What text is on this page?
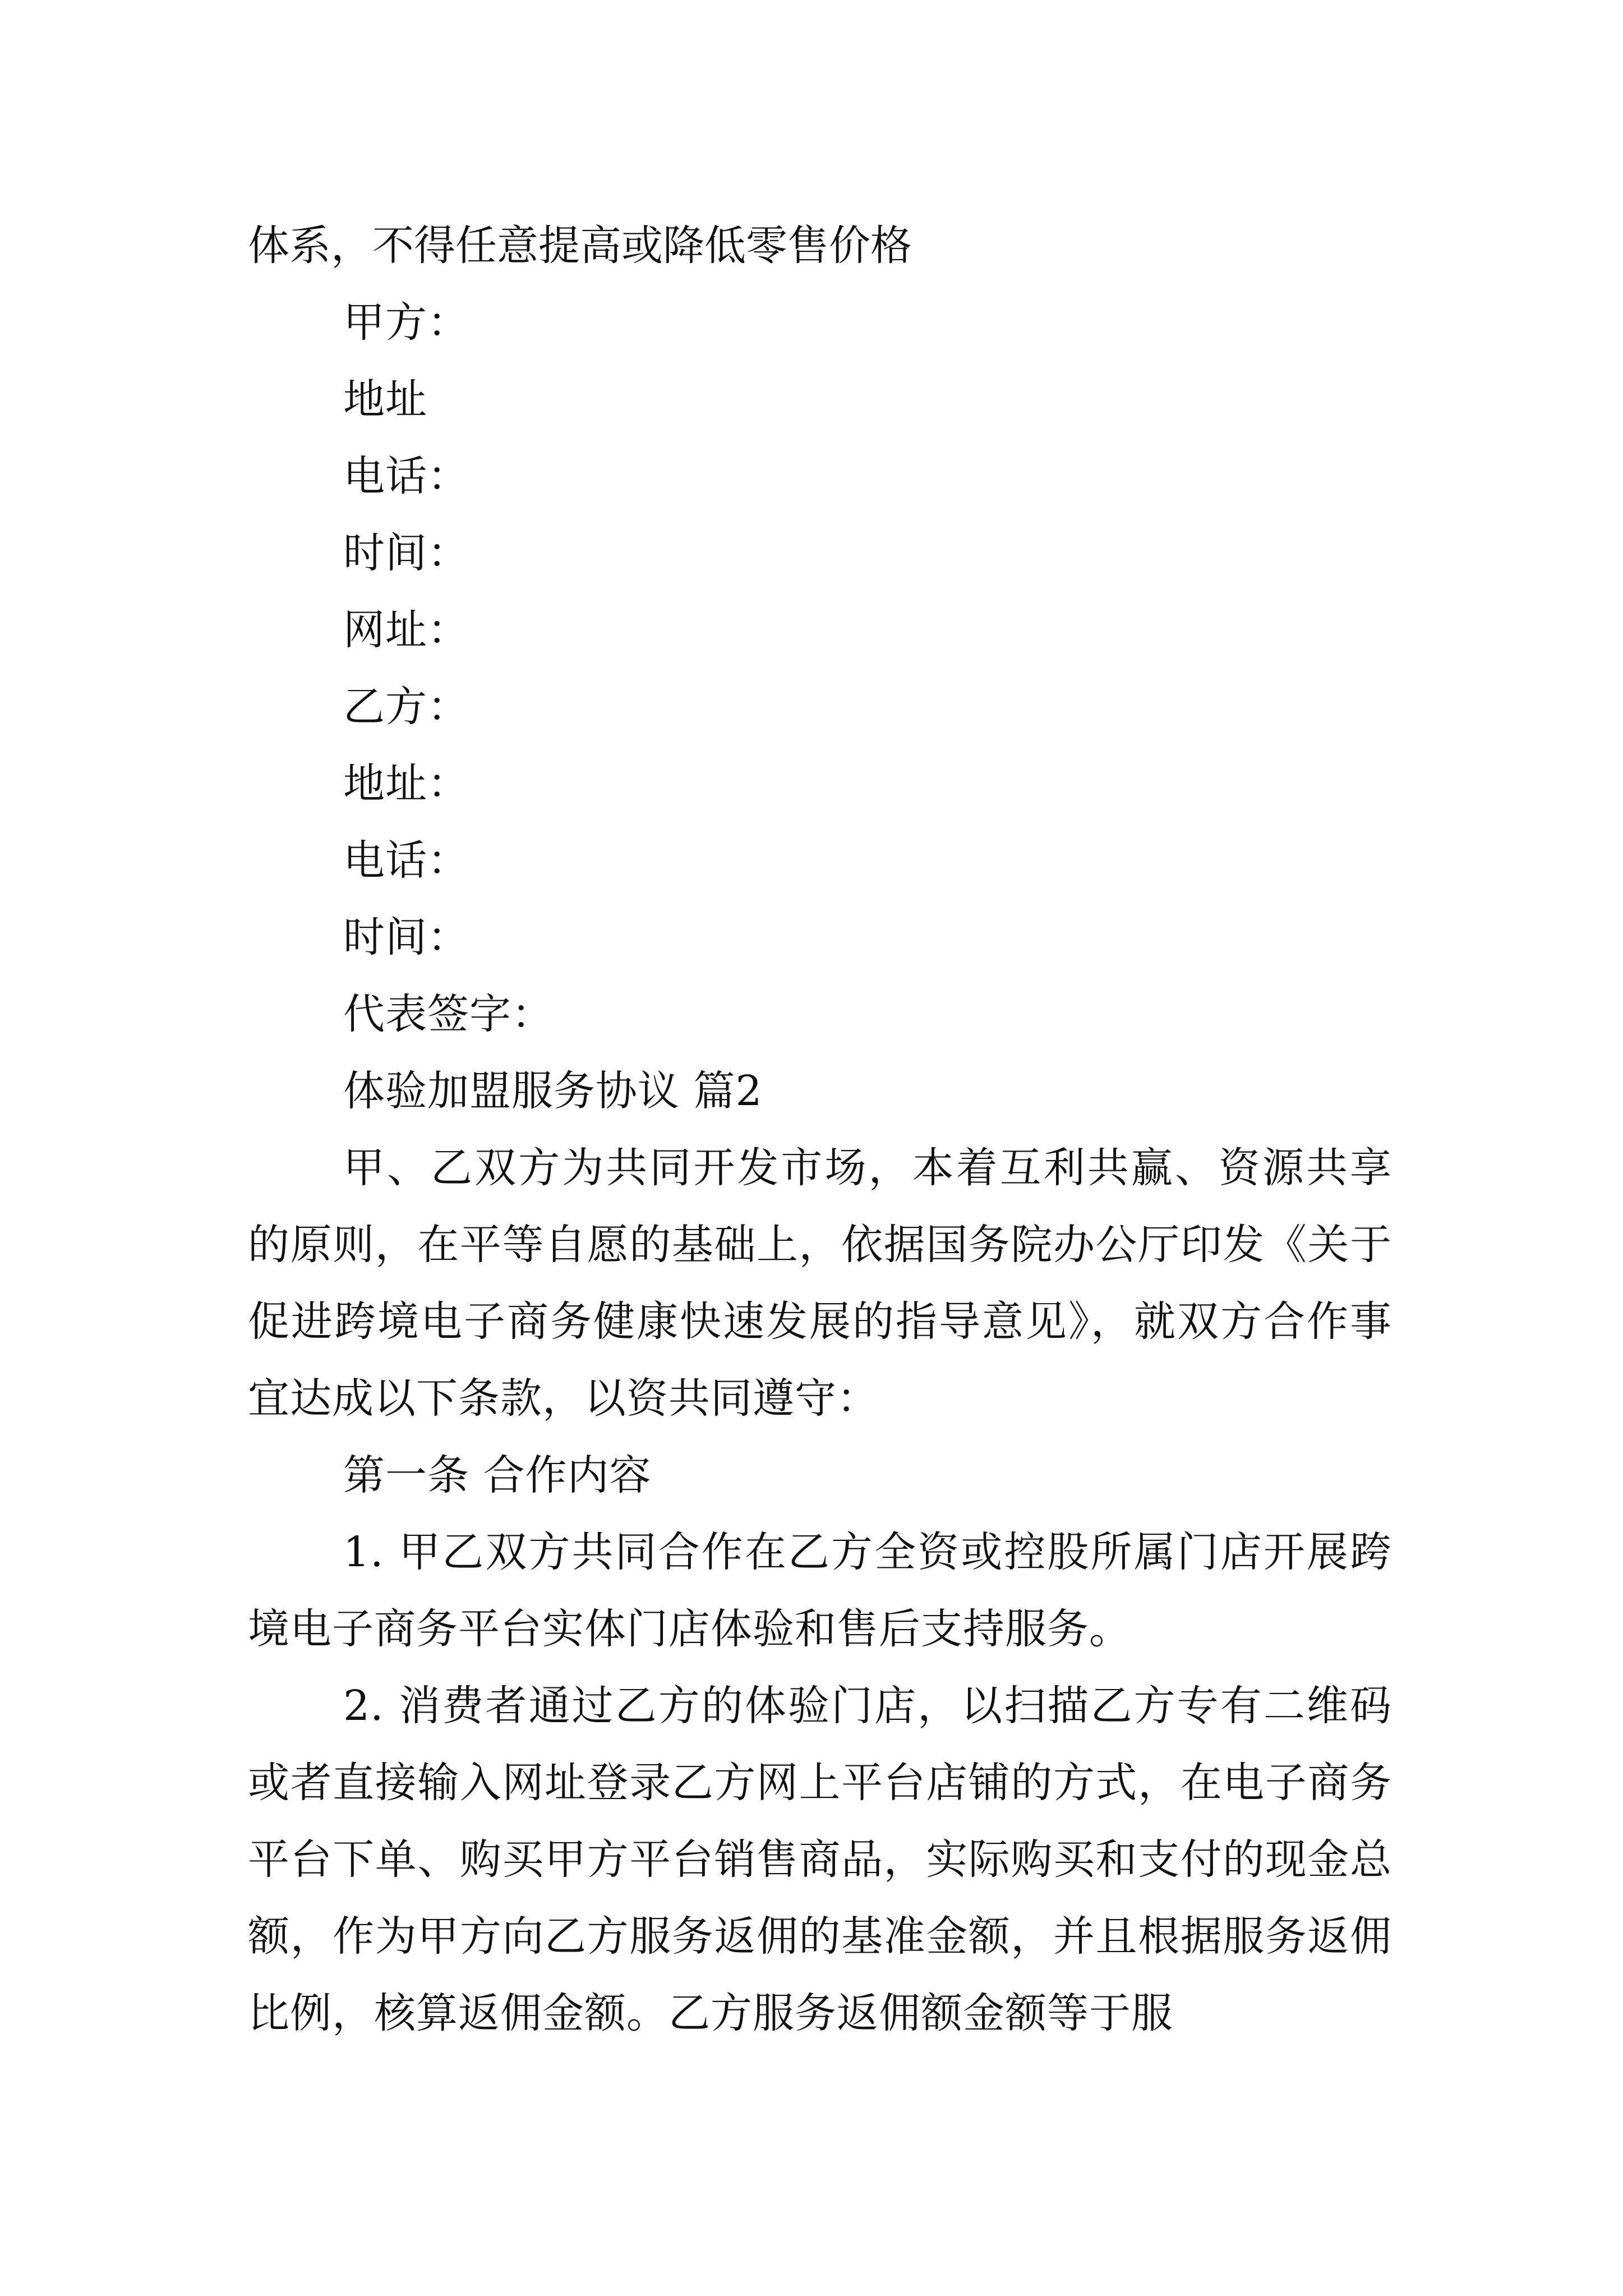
体系，不得任意提高或降低零售价格
甲方：
地址
电话：
时间：
网址：
乙方：
地址：
电话：
时间：
代表签字：
体验加盟服务协议 篇2
甲、乙双方为共同开发市场，本着互利共赢、资源共享的原则，在平等自愿的基础上，依据国务院办公厅印发《关于促进跨境电子商务健康快速发展的指导意见》，就双方合作事宜达成以下条款，以资共同遵守：
第一条 合作内容
1. 甲乙双方共同合作在乙方全资或控股所属门店开展跨境电子商务平台实体门店体验和售后支持服务。
2. 消费者通过乙方的体验门店，以扫描乙方专有二维码或者直接输入网址登录乙方网上平台店铺的方式，在电子商务平台下单、购买甲方平台销售商品，实际购买和支付的现金总额，作为甲方向乙方服务返佣的基准金额，并且根据服务返佣比例，核算返佣金额。乙方服务返佣额金额等于服
